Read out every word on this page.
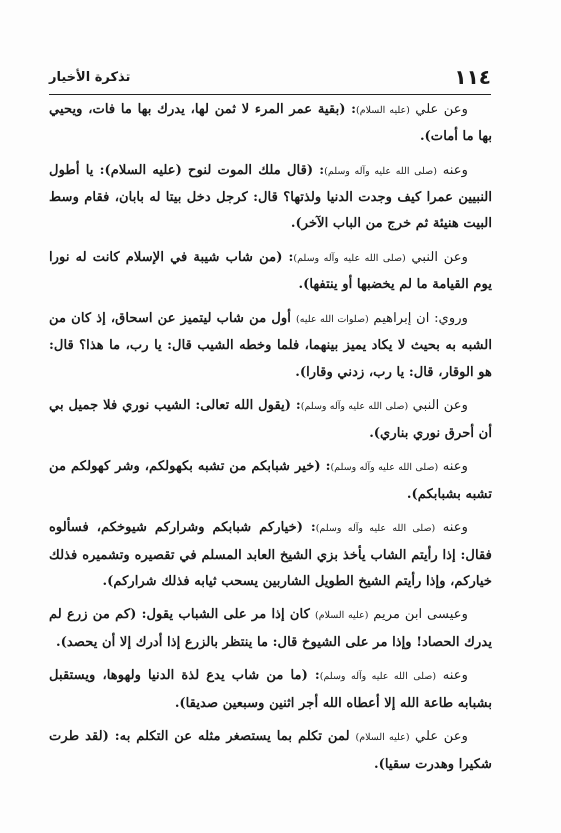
١١٤
تذكرة الأخيار

وعن علي (عليه السلام): (بقية عمر المرء لا ثمن لها، يدرك بها ما فات، ويحيي بها ما أمات).

وعنه (صلى الله عليه وآله وسلم): (قال ملك الموت لنوح (عليه السلام): يا أطول النبيين عمرا كيف وجدت الدنيا ولذتها؟ قال: كرجل دخل بيتا له بابان، فقام وسط البيت هنيئة ثم خرج من الباب الآخر).

وعن النبي (صلى الله عليه وآله وسلم): (من شاب شيبة في الإسلام كانت له نورا يوم القيامة ما لم يخضبها أو ينتفها).

وروي: ان إبراهيم (صلوات الله عليه) أول من شاب ليتميز عن اسحاق، إذ كان من الشبه به بحيث لا يكاد يميز بينهما، فلما وخطه الشيب قال: يا رب، ما هذا؟ قال: هو الوقار، قال: يا رب، زدني وقارا).

وعن النبي (صلى الله عليه وآله وسلم): (يقول الله تعالى: الشيب نوري فلا جميل بي أن أحرق نوري بناري).

وعنه (صلى الله عليه وآله وسلم): (خير شبابكم من تشبه بكهولكم، وشر كهولكم من تشبه بشبابكم).

وعنه (صلى الله عليه وآله وسلم): (خياركم شبابكم وشراركم شيوخكم، فسألوه فقال: إذا رأيتم الشاب يأخذ بزي الشيخ العابد المسلم في تقصيره وتشميره فذلك خياركم، وإذا رأيتم الشيخ الطويل الشاربين يسحب ثيابه فذلك شراركم).

وعيسى ابن مريم (عليه السلام) كان إذا مر على الشباب يقول: (كم من زرع لم يدرك الحصاد! وإذا مر على الشيوخ قال: ما ينتظر بالزرع إذا أدرك إلا أن يحصد).

وعنه (صلى الله عليه وآله وسلم): (ما من شاب يدع لذة الدنيا ولهوها، ويستقبل بشبابه طاعة الله إلا أعطاه الله أجر اثنين وسبعين صديقا).

وعن علي (عليه السلام) لمن تكلم بما يستصغر مثله عن التكلم به: (لقد طرت شكيرا وهدرت سقيا).
